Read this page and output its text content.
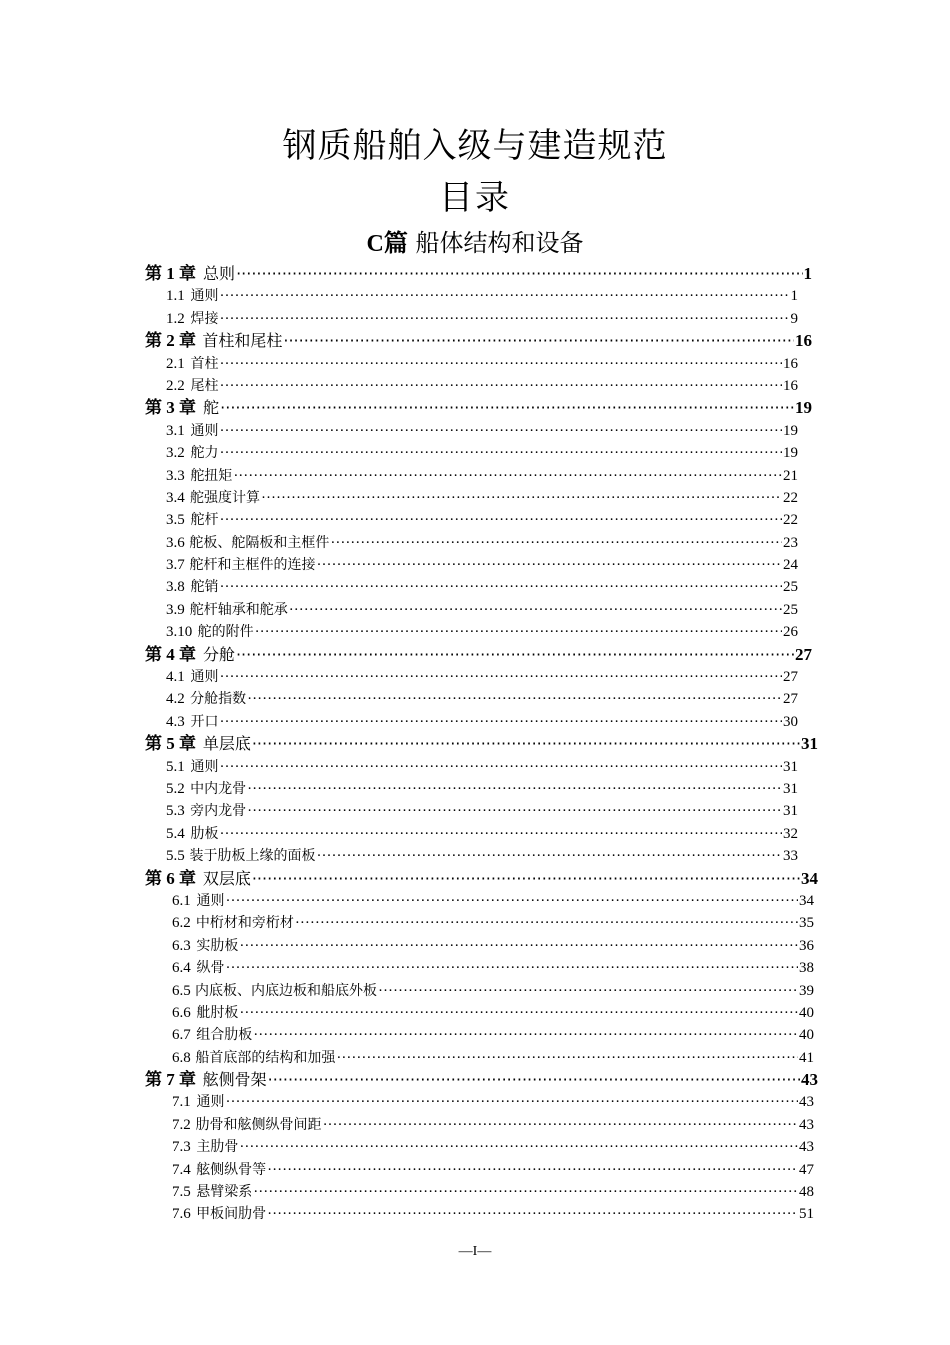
钢质船舶入级与建造规范
目录
C篇 船体结构和设备
第 1 章 总则 ·····	1
1.1 通则 ·····	1
1.2 焊接 ·····	9
第 2 章 首柱和尾柱 ·····	16
2.1 首柱 ·····	16
2.2 尾柱 ·····	16
第 3 章 舵 ·····	19
3.1 通则 ·····	19
3.2 舵力 ·····	19
3.3 舵扭矩 ·····	21
3.4 舵强度计算 ·····	22
3.5 舵杆 ·····	22
3.6 舵板、舵隔板和主框件 ·····	23
3.7 舵杆和主框件的连接 ·····	24
3.8 舵销 ·····	25
3.9 舵杆轴承和舵承 ·····	25
3.10 舵的附件 ·····	26
第 4 章 分舱 ·····	27
4.1 通则 ·····	27
4.2 分舱指数 ·····	27
4.3 开口 ·····	30
第 5 章 单层底 ·····	31
5.1 通则 ·····	31
5.2 中内龙骨 ·····	31
5.3 旁内龙骨 ·····	31
5.4 肋板 ·····	32
5.5 装于肋板上缘的面板 ·····	33
第 6 章 双层底 ·····	34
6.1 通则 ·····	34
6.2 中桁材和旁桁材 ·····	35
6.3 实肋板 ·····	36
6.4 纵骨 ·····	38
6.5 内底板、内底边板和船底外板 ·····	39
6.6 舭肘板 ·····	40
6.7 组合肋板 ·····	40
6.8 船首底部的结构和加强 ·····	41
第 7 章 舷侧骨架 ·····	43
7.1 通则 ·····	43
7.2 肋骨和舷侧纵骨间距 ·····	43
7.3 主肋骨 ·····	43
7.4 舷侧纵骨等 ·····	47
7.5 悬臂梁系 ·····	48
7.6 甲板间肋骨 ·····	51
—I—
